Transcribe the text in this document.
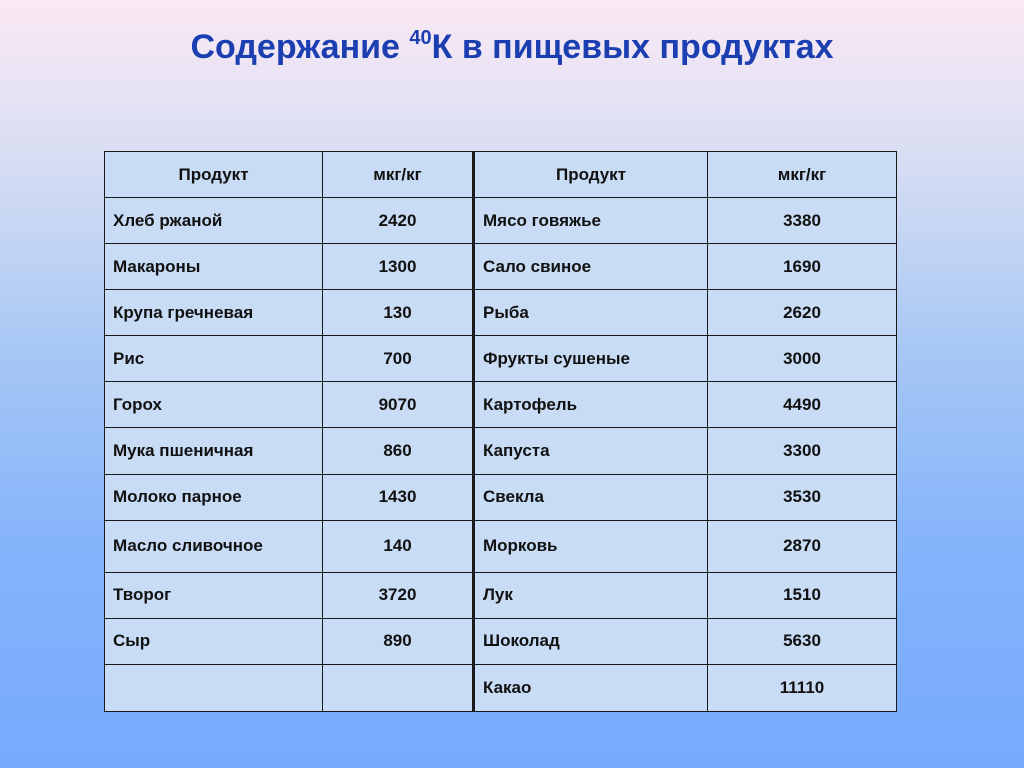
Содержание $^{40}$К в пищевых продуктах
Продукт	мкг/кг	Продукт	мкг/кг
Хлеб ржаной	2420	Мясо говяжье	3380
Макароны	1300	Сало свиное	1690
Крупа гречневая	130	Рыба	2620
Рис	700	Фрукты сушеные	3000
Горох	9070	Картофель	4490
Мука пшеничная	860	Капуста	3300
Молоко парное	1430	Свекла	3530
Масло сливочное	140	Морковь	2870
Творог	3720	Лук	1510
Сыр	890	Шоколад	5630
		Какао	11110
